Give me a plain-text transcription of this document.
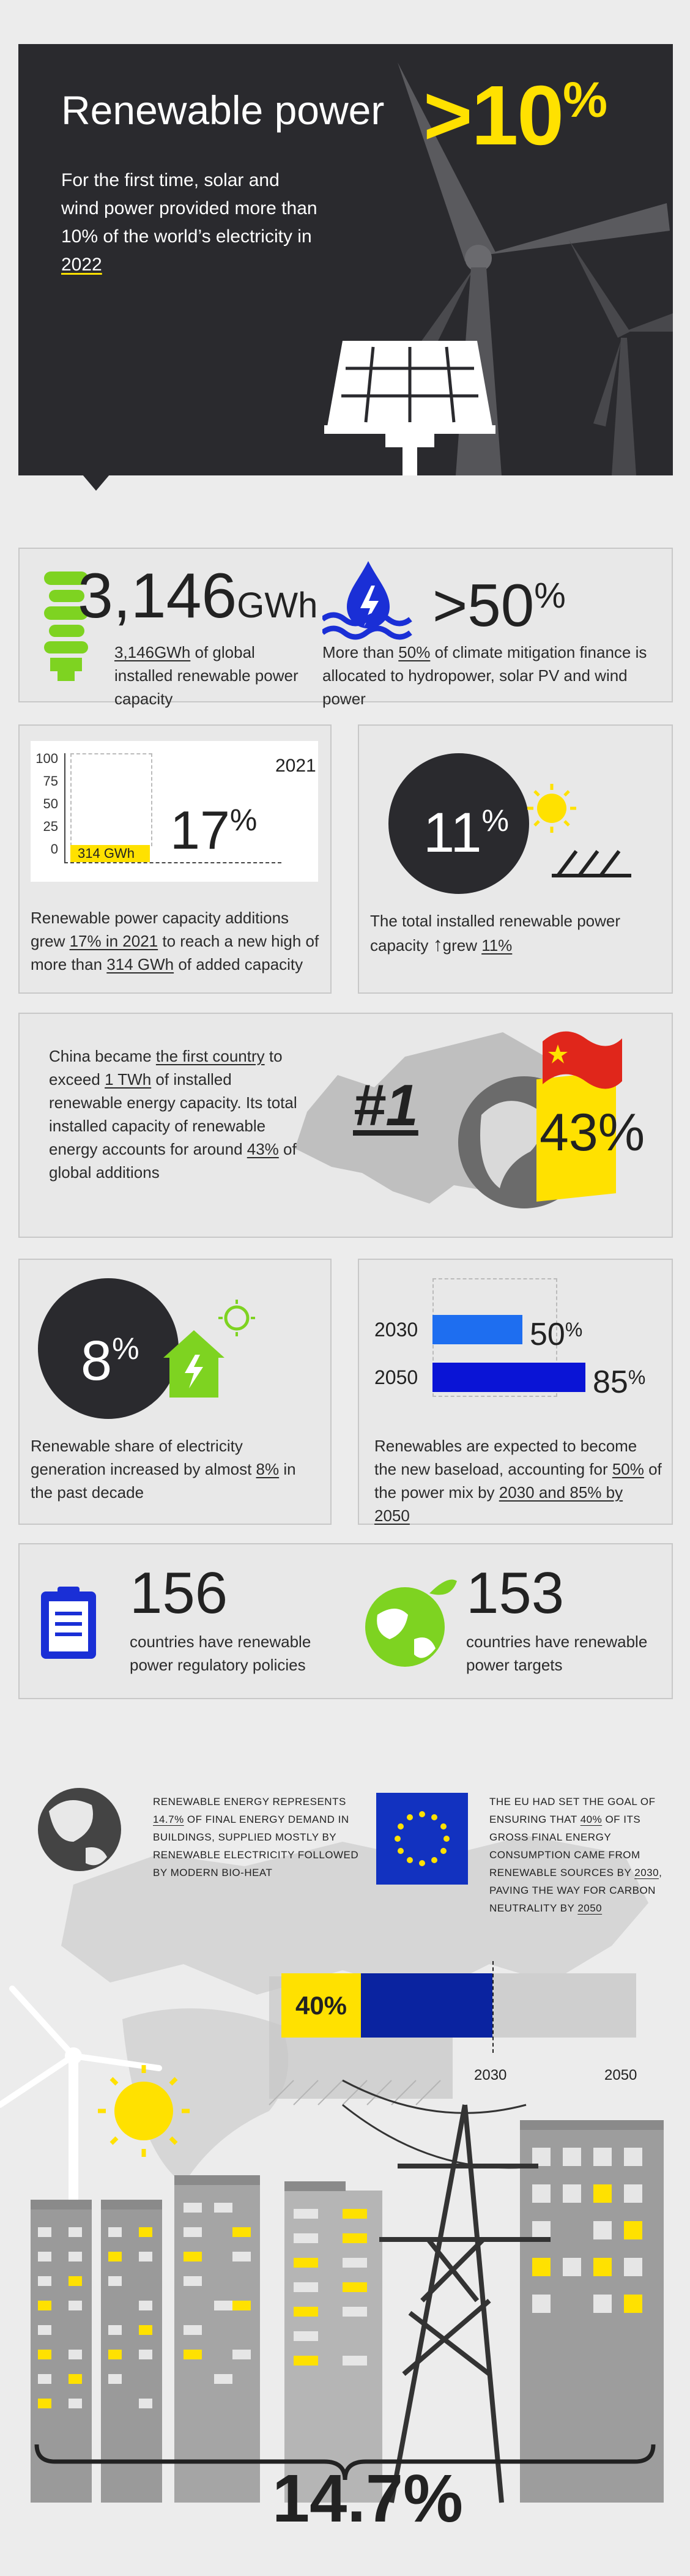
Renewable power >10%
For the first time, solar and wind power provided more than 10% of the world’s electricity in 2022
3,146GWh
3,146GWh of global installed renewable power capacity
>50%
More than 50% of climate mitigation finance is allocated to hydropower, solar PV and wind power
100
75
50
25
0	314 GWh 17%
2021
Renewable power capacity additions grew 17% in 2021 to reach a new high of more than 314 GWh of added capacity
11%
The total installed renewable power capacity ↑grew 11%
43%
#1
China became the first country to exceed 1 TWh of installed renewable energy capacity. Its total installed capacity of renewable energy accounts for around 43% of global additions
8%
Renewable share of electricity generation increased by almost 8% in the past decade
2030	50%
2050	85%
Renewables are expected to become the new baseload, accounting for 50% of the power mix by 2030 and 85% by 2050
156
countries have renewable power regulatory policies
153
countries have renewable power targets
RENEWABLE ENERGY REPRESENTS 14.7% OF FINAL ENERGY DEMAND IN BUILDINGS, SUPPLIED MOSTLY BY RENEWABLE ELECTRICITY FOLLOWED BY MODERN BIO-HEAT
THE EU HAD SET THE GOAL OF ENSURING THAT 40% OF ITS GROSS FINAL ENERGY CONSUMPTION CAME FROM RENEWABLE SOURCES BY 2030, PAVING THE WAY FOR CARBON NEUTRALITY BY 2050
40%
2030	2050
14.7%
